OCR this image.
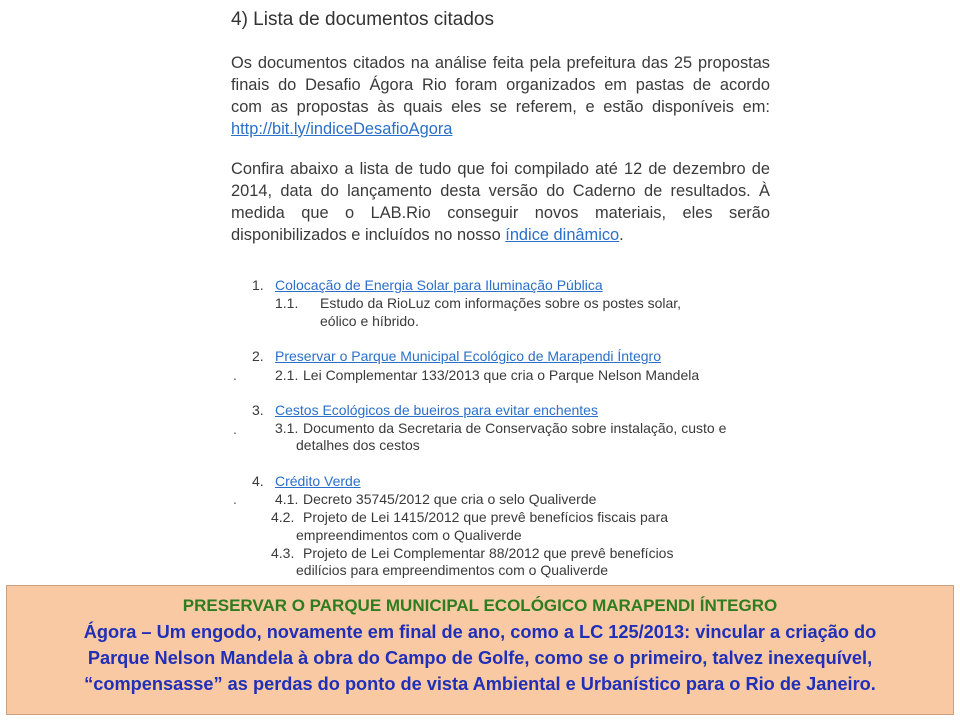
4) Lista de documentos citados

Os documentos citados na análise feita pela prefeitura das 25 propostas
finais do Desafio Ágora Rio foram organizados em pastas de acordo
com as propostas às quais eles se referem, e estão disponíveis em:
http://bit.ly/indiceDesafioAgora

Confira abaixo a lista de tudo que foi compilado até 12 de dezembro de
2014, data do lançamento desta versão do Caderno de resultados. À
medida que o LAB.Rio conseguir novos materiais, eles serão
disponibilizados e incluídos no nosso índice dinâmico.

1. Colocação de Energia Solar para Iluminação Pública
1.1. Estudo da RioLuz com informações sobre os postes solar,
eólico e híbrido.
2. Preservar o Parque Municipal Ecológico de Marapendi Íntegro
.	2.1. Lei Complementar 133/2013 que cria o Parque Nelson Mandela
3. Cestos Ecológicos de bueiros para evitar enchentes
.	3.1. Documento da Secretaria de Conservação sobre instalação, custo e
detalhes dos cestos
4. Crédito Verde
.	4.1. Decreto 35745/2012 que cria o selo Qualiverde
4.2. Projeto de Lei 1415/2012 que prevê benefícios fiscais para
empreendimentos com o Qualiverde
4.3. Projeto de Lei Complementar 88/2012 que prevê benefícios
edilícios para empreendimentos com o Qualiverde
PRESERVAR O PARQUE MUNICIPAL ECOLÓGICO MARAPENDI ÍNTEGRO
Ágora – Um engodo, novamente em final de ano, como a LC 125/2013: vincular a criação do
Parque Nelson Mandela à obra do Campo de Golfe, como se o primeiro, talvez inexequível,
“compensasse” as perdas do ponto de vista Ambiental e Urbanístico para o Rio de Janeiro.
